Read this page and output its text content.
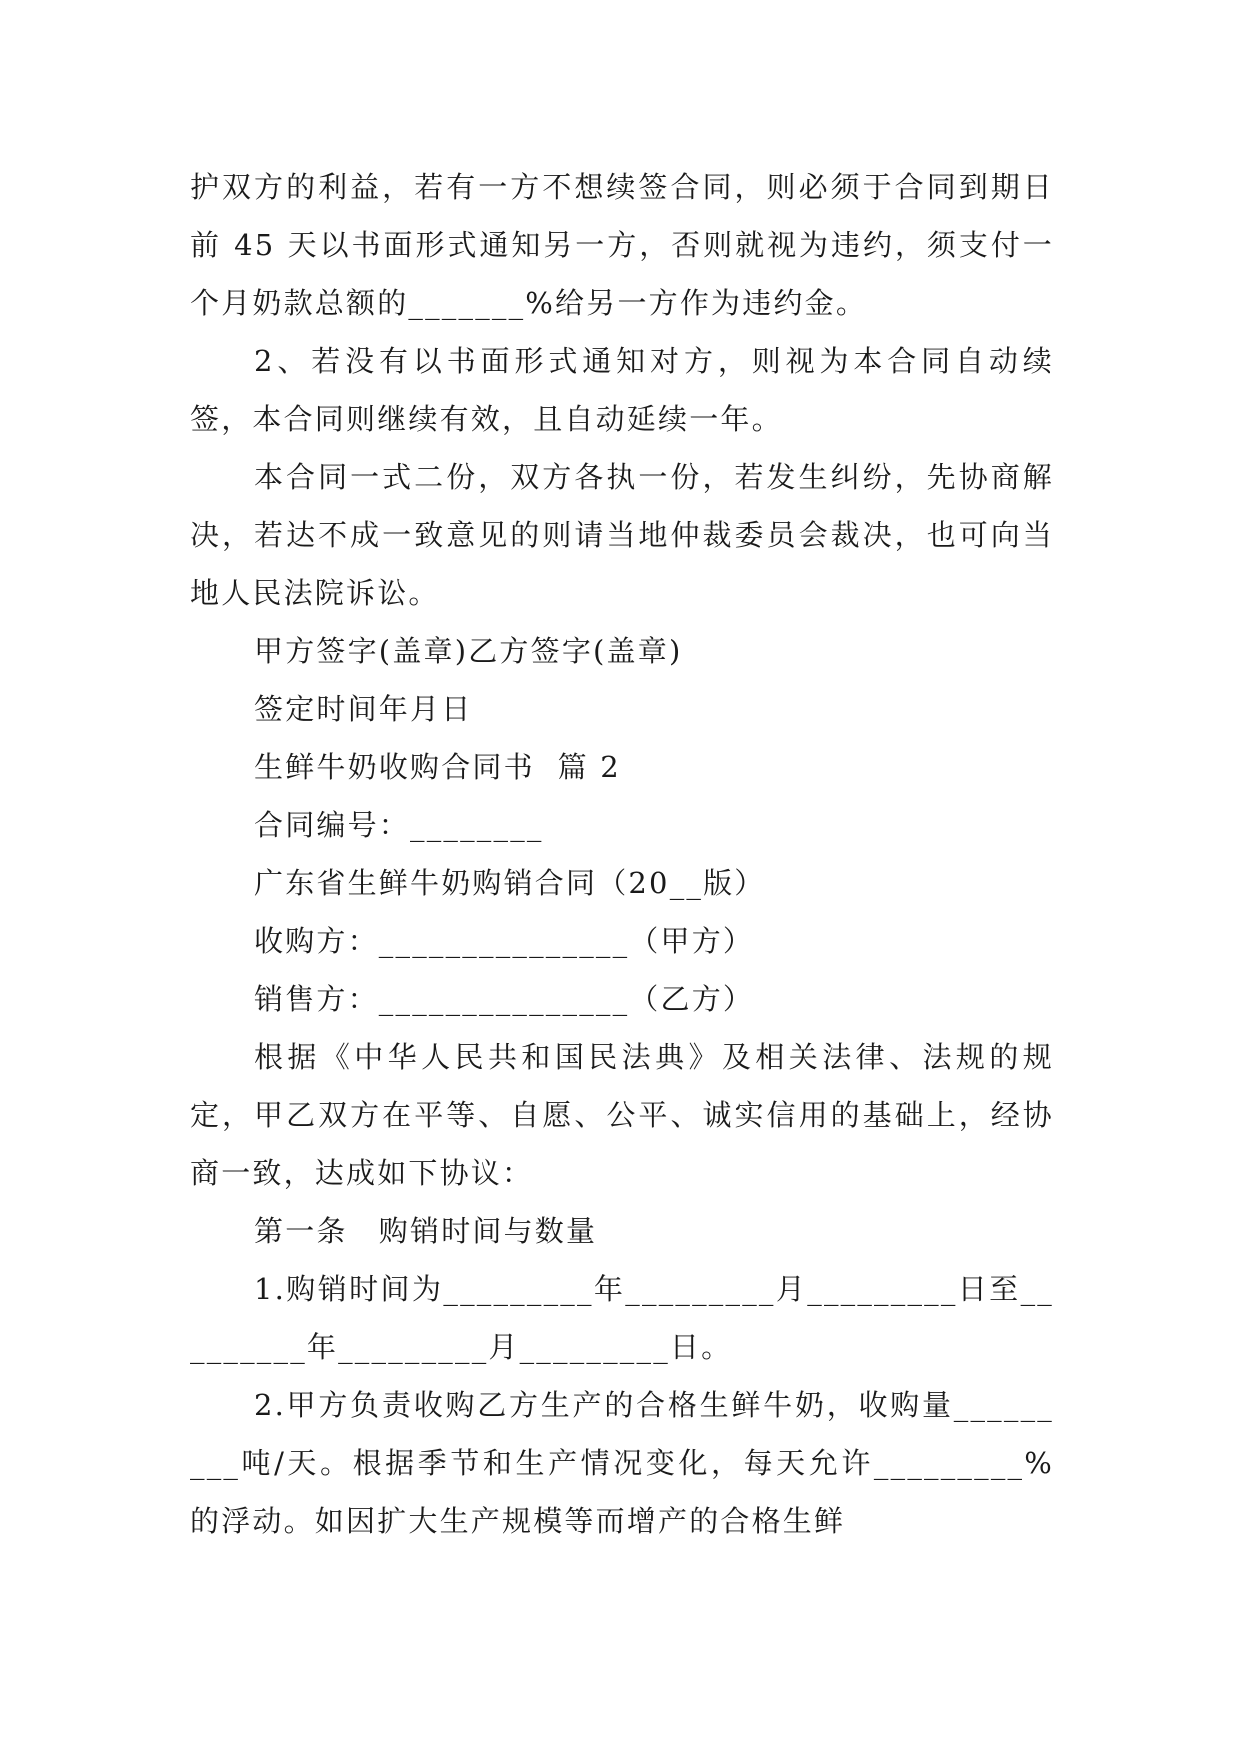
护双方的利益，若有一方不想续签合同，则必须于合同到期日前 45 天以书面形式通知另一方，否则就视为违约，须支付一个月奶款总额的_______%给另一方作为违约金。

2、若没有以书面形式通知对方，则视为本合同自动续签，本合同则继续有效，且自动延续一年。

本合同一式二份，双方各执一份，若发生纠纷，先协商解决，若达不成一致意见的则请当地仲裁委员会裁决，也可向当地人民法院诉讼。

甲方签字(盖章)乙方签字(盖章)

签定时间年月日

生鲜牛奶收购合同书  篇 2

合同编号：________

广东省生鲜牛奶购销合同（20__版）

收购方：_______________（甲方）

销售方：_______________（乙方）

根据《中华人民共和国民法典》及相关法律、法规的规定，甲乙双方在平等、自愿、公平、诚实信用的基础上，经协商一致，达成如下协议：

第一条　购销时间与数量

1.购销时间为_________年_________月_________日至_________年_________月_________日。

2.甲方负责收购乙方生产的合格生鲜牛奶，收购量_________吨/天。根据季节和生产情况变化，每天允许_________%的浮动。如因扩大生产规模等而增产的合格生鲜
